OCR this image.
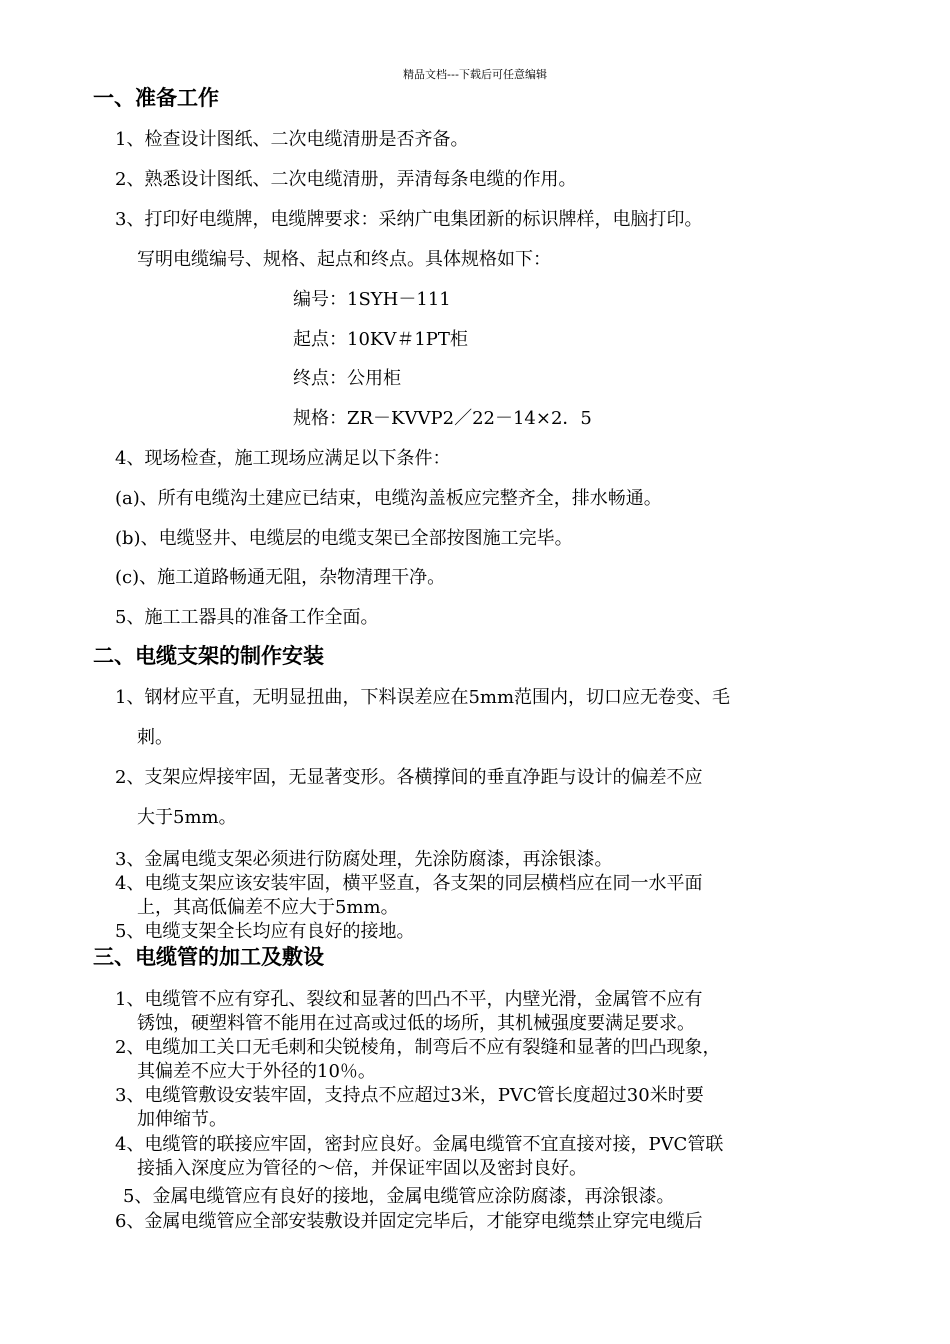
精品文档---下载后可任意编辑
一、准备工作
1、检查设计图纸、二次电缆清册是否齐备。
2、熟悉设计图纸、二次电缆清册，弄清每条电缆的作用。
3、打印好电缆牌，电缆牌要求：采纳广电集团新的标识牌样，电脑打印。
写明电缆编号、规格、起点和终点。具体规格如下：
编号：1SYH－111
起点：10KV＃1PT柜
终点：公用柜
规格：ZR－KVVP2／22－14×2．5
4、现场检查，施工现场应满足以下条件：
(a)、所有电缆沟土建应已结束，电缆沟盖板应完整齐全，排水畅通。
(b)、电缆竖井、电缆层的电缆支架已全部按图施工完毕。
(c)、施工道路畅通无阻，杂物清理干净。
5、施工工器具的准备工作全面。
二、电缆支架的制作安装
1、钢材应平直，无明显扭曲，下料误差应在5mm范围内，切口应无卷变、毛
刺。
2、支架应焊接牢固，无显著变形。各横撑间的垂直净距与设计的偏差不应
大于5mm。
3、金属电缆支架必须进行防腐处理，先涂防腐漆，再涂银漆。
4、电缆支架应该安装牢固，横平竖直，各支架的同层横档应在同一水平面
上，其高低偏差不应大于5mm。
5、电缆支架全长均应有良好的接地。
三、电缆管的加工及敷设
1、电缆管不应有穿孔、裂纹和显著的凹凸不平，内壁光滑，金属管不应有
锈蚀，硬塑料管不能用在过高或过低的场所，其机械强度要满足要求。
2、电缆加工关口无毛刺和尖锐棱角，制弯后不应有裂缝和显著的凹凸现象，
其偏差不应大于外径的10％。
3、电缆管敷设安装牢固，支持点不应超过3米，PVC管长度超过30米时要
加伸缩节。
4、电缆管的联接应牢固，密封应良好。金属电缆管不宜直接对接，PVC管联
接插入深度应为管径的～倍，并保证牢固以及密封良好。
5、金属电缆管应有良好的接地，金属电缆管应涂防腐漆，再涂银漆。
6、金属电缆管应全部安装敷设并固定完毕后，才能穿电缆禁止穿完电缆后
